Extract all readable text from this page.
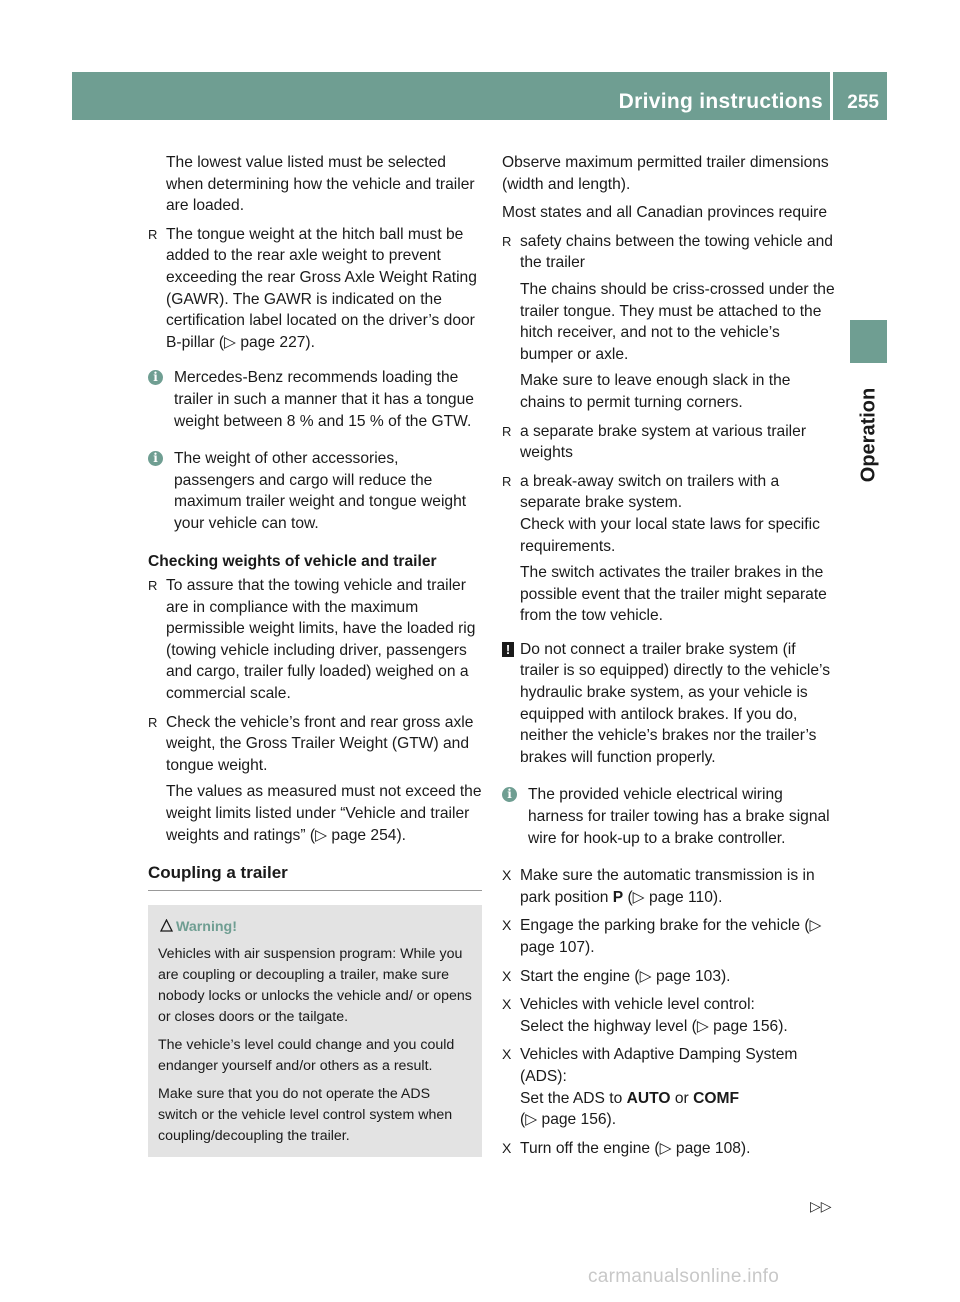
Driving instructions 255
Operation

The lowest value listed must be selected when determining how the vehicle and trailer are loaded.

R The tongue weight at the hitch ball must be added to the rear axle weight to prevent exceeding the rear Gross Axle Weight Rating (GAWR). The GAWR is indicated on the certification label located on the driver’s door B-pillar (▷ page 227).
i	Mercedes-Benz recommends loading the trailer in such a manner that it has a tongue weight between 8 % and 15 % of the GTW.
i	The weight of other accessories, passengers and cargo will reduce the maximum trailer weight and tongue weight your vehicle can tow.
Checking weights of vehicle and trailer
R To assure that the towing vehicle and trailer are in compliance with the maximum permissible weight limits, have the loaded rig (towing vehicle including driver, passengers and cargo, trailer fully loaded) weighed on a commercial scale.
R Check the vehicle’s front and rear gross axle weight, the Gross Trailer Weight (GTW) and tongue weight.
The values as measured must not exceed the weight limits listed under “Vehicle and trailer weights and ratings” (▷ page 254).
Coupling a trailer
Warning!

Vehicles with air suspension program: While you are coupling or decoupling a trailer, make sure nobody locks or unlocks the vehicle and/ or opens or closes doors or the tailgate.

The vehicle’s level could change and you could endanger yourself and/or others as a result.

Make sure that you do not operate the ADS switch or the vehicle level control system when coupling/decoupling the trailer.

Observe maximum permitted trailer dimensions (width and length).

Most states and all Canadian provinces require

R safety chains between the towing vehicle and the trailer
The chains should be criss-crossed under the trailer tongue. They must be attached to the hitch receiver, and not to the vehicle’s bumper or axle.
Make sure to leave enough slack in the chains to permit turning corners.
R a separate brake system at various trailer weights
R a break-away switch on trailers with a separate brake system.
Check with your local state laws for specific requirements.
The switch activates the trailer brakes in the possible event that the trailer might separate from the tow vehicle.
! Do not connect a trailer brake system (if trailer is so equipped) directly to the vehicle’s hydraulic brake system, as your vehicle is equipped with antilock brakes. If you do, neither the vehicle’s brakes nor the trailer’s brakes will function properly.
i	The provided vehicle electrical wiring harness for trailer towing has a brake signal wire for hook-up to a brake controller.
X Make sure the automatic transmission is in park position P (▷ page 110).
X Engage the parking brake for the vehicle (▷ page 107).
X Start the engine (▷ page 103).
X Vehicles with vehicle level control:
Select the highway level (▷ page 156).
X Vehicles with Adaptive Damping System (ADS):
Set the ADS to AUTO or COMF
(▷ page 156).
X Turn off the engine (▷ page 108).
▷▷
carmanualsonline.info
